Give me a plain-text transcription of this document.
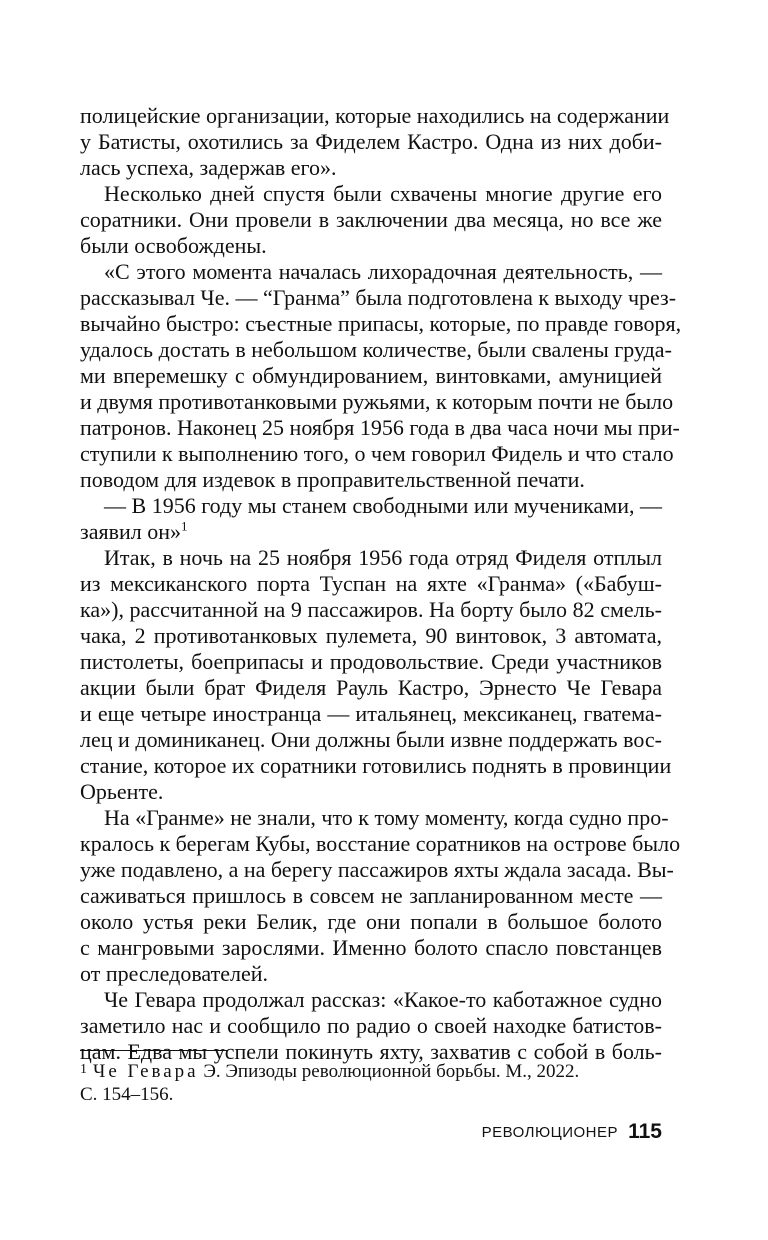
полицейские организации, которые находились на содержании
у Батисты, охотились за Фиделем Кастро. Одна из них доби-
лась успеха, задержав его».
Несколько дней спустя были схвачены многие другие его
соратники. Они провели в заключении два месяца, но все же
были освобождены.
«С этого момента началась лихорадочная деятельность, —
рассказывал Че. — “Гранма” была подготовлена к выходу чрез-
вычайно быстро: съестные припасы, которые, по правде говоря,
удалось достать в небольшом количестве, были свалены груда-
ми вперемешку с обмундированием, винтовками, амуницией
и двумя противотанковыми ружьями, к которым почти не было
патронов. Наконец 25 ноября 1956 года в два часа ночи мы при-
ступили к выполнению того, о чем говорил Фидель и что стало
поводом для издевок в проправительственной печати.
— В 1956 году мы станем свободными или мучениками, —
заявил он»$^1$
Итак, в ночь на 25 ноября 1956 года отряд Фиделя отплыл
из мексиканского порта Туспан на яхте «Гранма» («Бабуш-
ка»), рассчитанной на 9 пассажиров. На борту было 82 смель-
чака, 2 противотанковых пулемета, 90 винтовок, 3 автомата,
пистолеты, боеприпасы и продовольствие. Среди участников
акции были брат Фиделя Рауль Кастро, Эрнесто Че Гевара
и еще четыре иностранца — итальянец, мексиканец, гватема-
лец и доминиканец. Они должны были извне поддержать вос-
стание, которое их соратники готовились поднять в провинции
Орьенте.
На «Гранме» не знали, что к тому моменту, когда судно про-
кралось к берегам Кубы, восстание соратников на острове было
уже подавлено, а на берегу пассажиров яхты ждала засада. Вы-
саживаться пришлось в совсем не запланированном месте —
около устья реки Белик, где они попали в большое болото
с мангровыми зарослями. Именно болото спасло повстанцев
от преследователей.
Че Гевара продолжал рассказ: «Какое-то каботажное судно
заметило нас и сообщило по радио о своей находке батистов-
цам. Едва мы успели покинуть яхту, захватив с собой в боль-
$^1$ Че Гевара Э. Эпизоды революционной борьбы. М., 2022.
С. 154–156.
РЕВОЛЮЦИОНЕР 115
